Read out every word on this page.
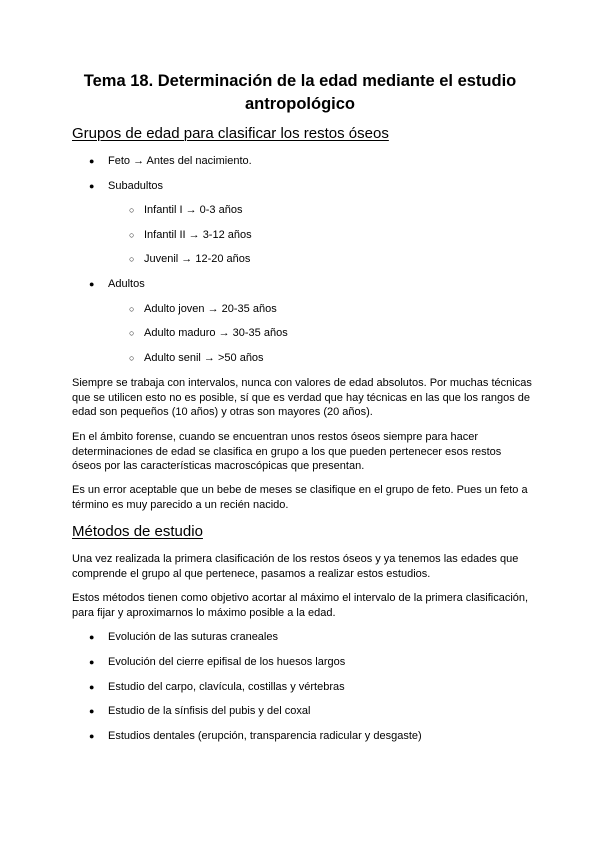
Tema 18. Determinación de la edad mediante el estudio
antropológico
Grupos de edad para clasificar los restos óseos
● Feto → Antes del nacimiento.
● Subadultos
○ Infantil I → 0-3 años
○ Infantil II → 3-12 años
○ Juvenil → 12-20 años
● Adultos
○ Adulto joven → 20-35 años
○ Adulto maduro → 30-35 años
○ Adulto senil → >50 años

Siempre se trabaja con intervalos, nunca con valores de edad absolutos. Por muchas técnicas que se utilicen esto no es posible, sí que es verdad que hay técnicas en las que los rangos de edad son pequeños (10 años) y otras son mayores (20 años).

En el ámbito forense, cuando se encuentran unos restos óseos siempre para hacer determinaciones de edad se clasifica en grupo a los que pueden pertenecer esos restos óseos por las características macroscópicas que presentan.

Es un error aceptable que un bebe de meses se clasifique en el grupo de feto. Pues un feto a término es muy parecido a un recién nacido.

Métodos de estudio

Una vez realizada la primera clasificación de los restos óseos y ya tenemos las edades que comprende el grupo al que pertenece, pasamos a realizar estos estudios.

Estos métodos tienen como objetivo acortar al máximo el intervalo de la primera clasificación, para fijar y aproximarnos lo máximo posible a la edad.

● Evolución de las suturas craneales
● Evolución del cierre epifisal de los huesos largos
● Estudio del carpo, clavícula, costillas y vértebras
● Estudio de la sínfisis del pubis y del coxal
● Estudios dentales (erupción, transparencia radicular y desgaste)
